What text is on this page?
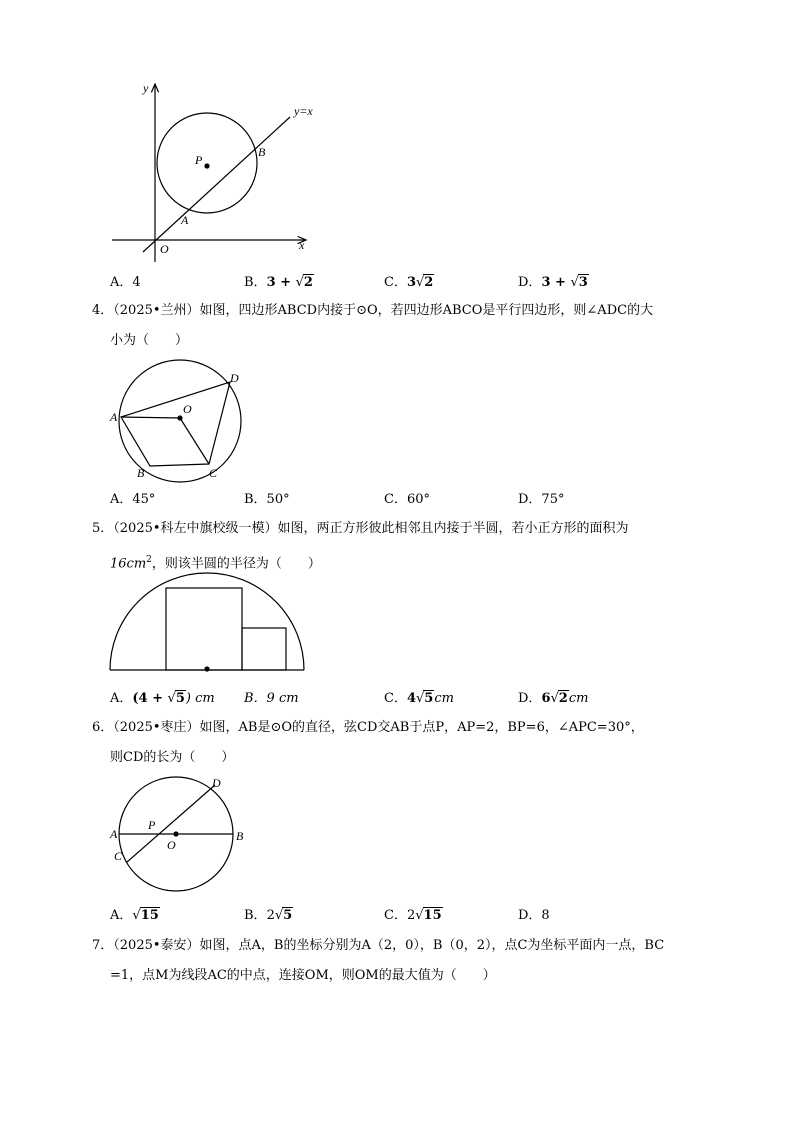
y
x
y=x
P
B
A
O
A．4	B．3 + √2	C．3√2	D．3 + √3
4．（2025•兰州）如图，四边形ABCD内接于⊙O，若四边形ABCO是平行四边形，则∠ADC的大
小为（　　）
A
B	C
D
O
A．45°	B．50°	C．60°	D．75°
5．（2025•科左中旗校级一模）如图，两正方形彼此相邻且内接于半圆，若小正方形的面积为
$16cm^2$，则该半圆的半径为（　　）
A．(4 + √5) cm B．9 cm	C．4√5cm	D．6√2cm
6．（2025•枣庄）如图，AB是⊙O的直径，弦CD交AB于点P，AP=2，BP=6，∠APC=30°，
则CD的长为（　　）
A	B
C
D
P
O
A．√15	B．2√5	C．2√15	D．8
7．（2025•泰安）如图，点A，B的坐标分别为A（2，0），B（0，2），点C为坐标平面内一点，BC
=1，点M为线段AC的中点，连接OM，则OM的最大值为（　　）
